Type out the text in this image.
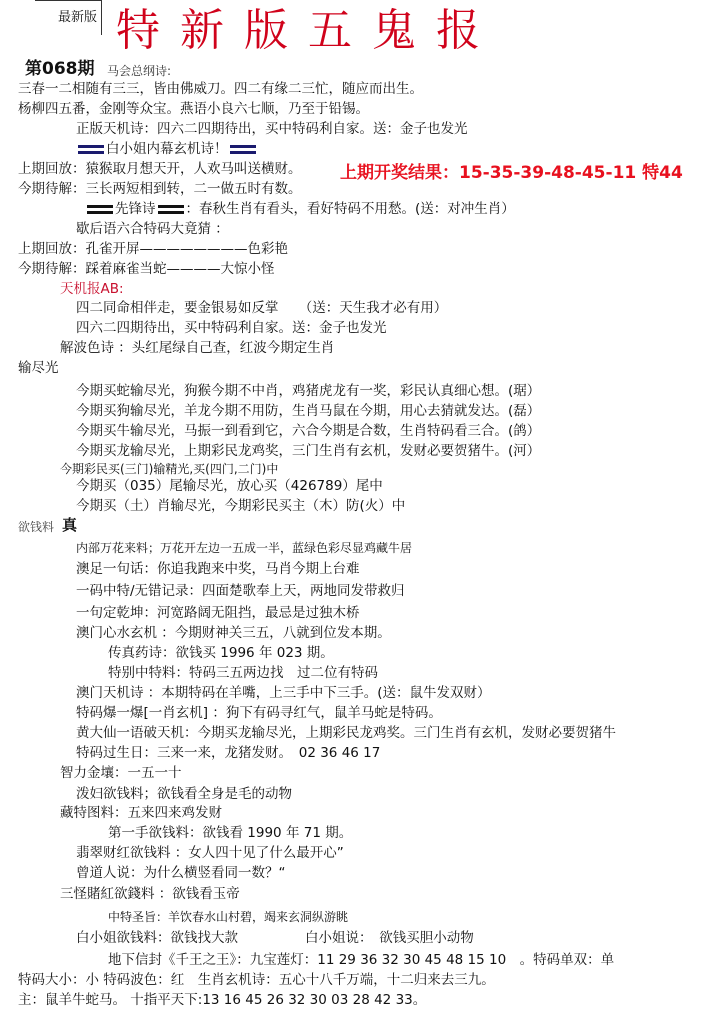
最新版 特新版五鬼报
第068期 马会总纲诗:
三春一二相随有三三，皆由佛威刀。四二有缘二三忙，随应而出生。
杨柳四五番，金刚等众宝。燕语小良六七顺，乃至于铅锡。
正版天机诗：四六二四期待出，买中特码利自家。送：金子也发光
白小姐内幕玄机诗！
上期回放：猿猴取月想天开，人欢马叫送横财。 上期开奖结果：15-35-39-48-45-11 特44
今期待解：三长两短相到转，二一做五时有数。
先锋诗 ：春秋生肖有看头，看好特码不用愁。(送：对冲生肖）
歇后语六合特码大竟猜 ：
上期回放：孔雀开屏————————色彩艳
今期待解：踩着麻雀当蛇————大惊小怪
天机报AB:
四二同命相伴走，要金银易如反掌　　（送：天生我才必有用）
四六二四期待出，买中特码利自家。送：金子也发光
解波色诗 ：头红尾绿自己查，红波今期定生肖
输尽光
今期买蛇输尽光，狗猴今期不中肖，鸡猪虎龙有一奖，彩民认真细心想。(琚）
今期买狗输尽光，羊龙今期不用防，生肖马鼠在今期，用心去猜就发达。(磊）
今期买牛输尽光，马振一到看到它，六合今期是合数，生肖特码看三合。(鸽）
今期买龙输尽光，上期彩民龙鸡奖，三门生肖有玄机，发财必要贺猪牛。(河）
今期彩民买(三门)输精光,买(四门,二门)中
今期买（035）尾输尽光，放心买（426789）尾中
今期买（土）肖输尽光，今期彩民买主（木）防(火）中
欲钱料 真
内部万花来料；万花开左边一五成一半，蓝绿色彩尽显鸡藏牛居
澳足一句话：你追我跑来中奖，马肖今期上台难
一码中特/无错记录：四面楚歌奉上天，两地同发带救归
一句定乾坤：河宽路阔无阻挡，最忌是过独木桥
澳门心水玄机 ：今期财神关三五，八就到位发本期。
传真药诗：欲钱买 1996 年 023 期。
特别中特料：特码三五两边找　过二位有特码
澳门天机诗 ：本期特码在羊嘴，上三手中下三手。(送：鼠牛发双财）
特码爆一爆[一肖玄机] ：狗下有码寻红气，鼠羊马蛇是特码。
黄大仙一语破天机：今期买龙输尽光，上期彩民龙鸡奖。三门生肖有玄机，发财必要贺猪牛
特码过生日：三来一来，龙猪发财。　02 36 46 17
智力金壤：一五一十
泼妇欲钱料；欲钱看全身是毛的动物
藏特图料：五来四来鸡发财
第一手欲钱料：欲钱看 1990 年 71 期。
翡翠财红欲钱料 ：女人四十见了什么最开心”
曾道人说：为什么横竖看同一数？“
三怪賭紅欲錢料 ：欲钱看玉帝
中特圣旨：羊饮春水山村碧，竭来玄洞纵游眺
白小姐欲钱料：欲钱找大款	白小姐说：　欲钱买胆小动物
地下信封《千王之王》：九宝莲灯：11 29 36 32 30 45 48 15 10　。特码单双：单
特码大小：小 特码波色：红　生肖玄机诗：五心十八千万端，十二归来去三九。
主：鼠羊牛蛇马。 十指平天下:13 16 45 26 32 30 03 28 42 33。
